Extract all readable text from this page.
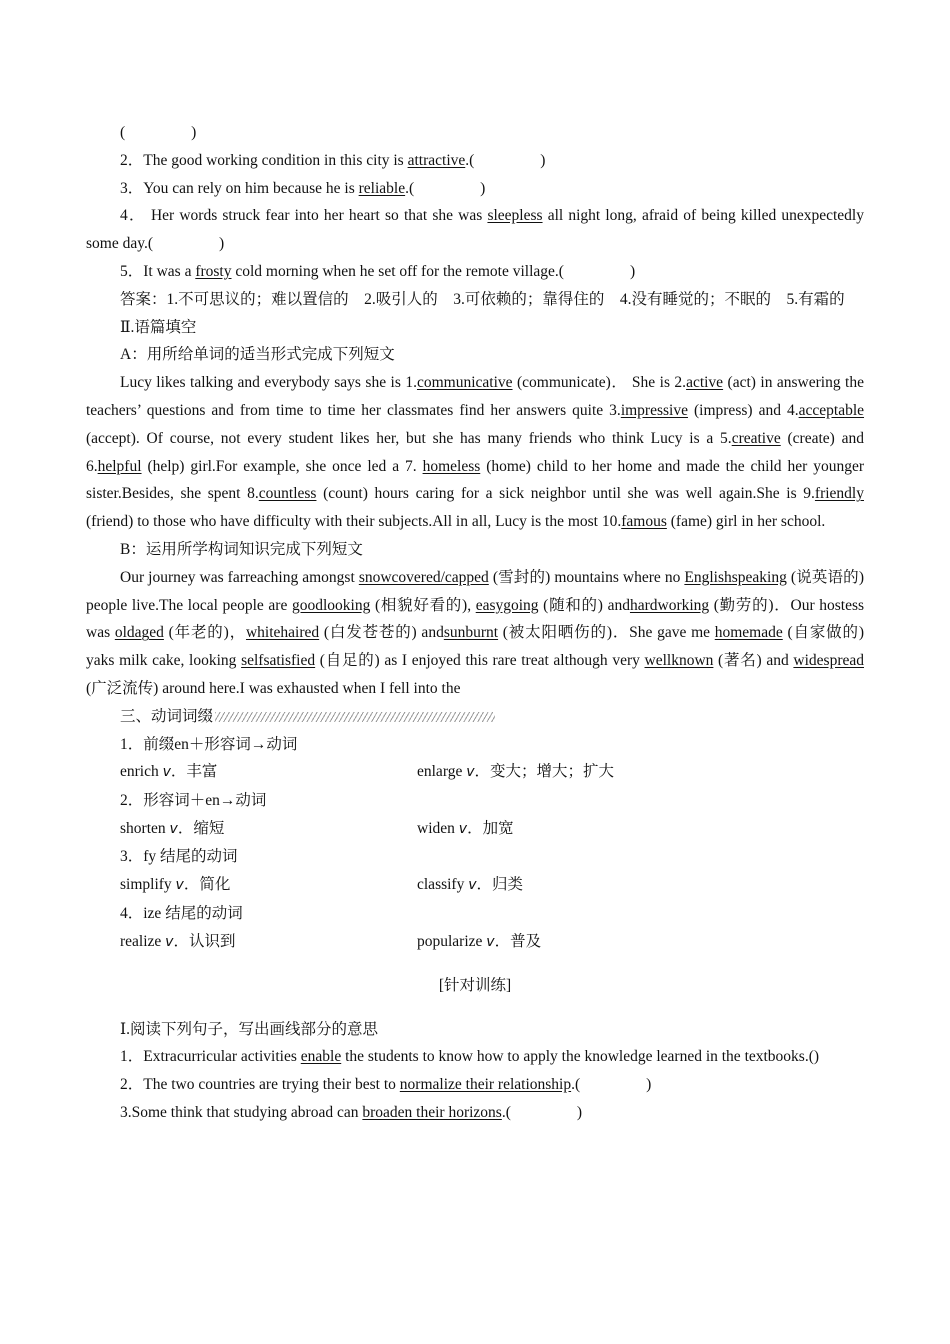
(	)

2．The good working condition in this city is attractive.(	)

3．You can rely on him because he is reliable.(	)

4． Her words struck fear into her heart so that she was sleepless all night long, afraid of being killed unexpectedly some day.(	)

5．It was a frosty cold morning when he set off for the remote village.(	)

答案：1.不可思议的；难以置信的　2.吸引人的　3.可依赖的；靠得住的　4.没有睡觉的；不眠的　5.有霜的

Ⅱ.语篇填空

A：用所给单词的适当形式完成下列短文

Lucy likes talking and everybody says she is 1.communicative (communicate)． She is 2.active (act) in answering the teachers’ questions and from time to time her classmates find her answers quite 3.impressive (impress) and 4.acceptable (accept). Of course, not every student likes her, but she has many friends who think Lucy is a 5.creative (create) and 6.helpful (help) girl.For example, she once led a 7. homeless (home) child to her home and made the child her younger sister.Besides, she spent 8.countless (count) hours caring for a sick neighbor until she was well again.She is 9.friendly (friend) to those who have difficulty with their subjects.All in all, Lucy is the most 10.famous (fame) girl in her school.

B：运用所学构词知识完成下列短文

Our journey was farreaching amongst snowcovered/capped (雪封的) mountains where no Englishspeaking (说英语的) people live.The local people are goodlooking (相貌好看的), easygoing (随和的) andhardworking (勤劳的)．Our hostess was oldaged (年老的)，whitehaired (白发苍苍的) andsunburnt (被太阳晒伤的)．She gave me homemade (自家做的) yaks milk cake, looking selfsatisfied (自足的) as I enjoyed this rare treat although very wellknown (著名) and widespread (广泛流传) around here.I was exhausted when I fell into the

三、动词词缀

1．前缀en＋形容词→动词

enrich v．丰富	enlarge v．变大；增大；扩大

2．形容词＋en→动词

shorten v．缩短	widen v．加宽

3．fy 结尾的动词

simplify v．简化	classify v．归类

4．ize 结尾的动词

realize v．认识到	popularize v．普及

[针对训练]

Ⅰ.阅读下列句子，写出画线部分的意思

1．Extracurricular activities enable the students to know how to apply the knowledge learned in the textbooks.()

2．The two countries are trying their best to normalize their relationship.(	)

3.Some think that studying abroad can broaden their horizons.(	)
